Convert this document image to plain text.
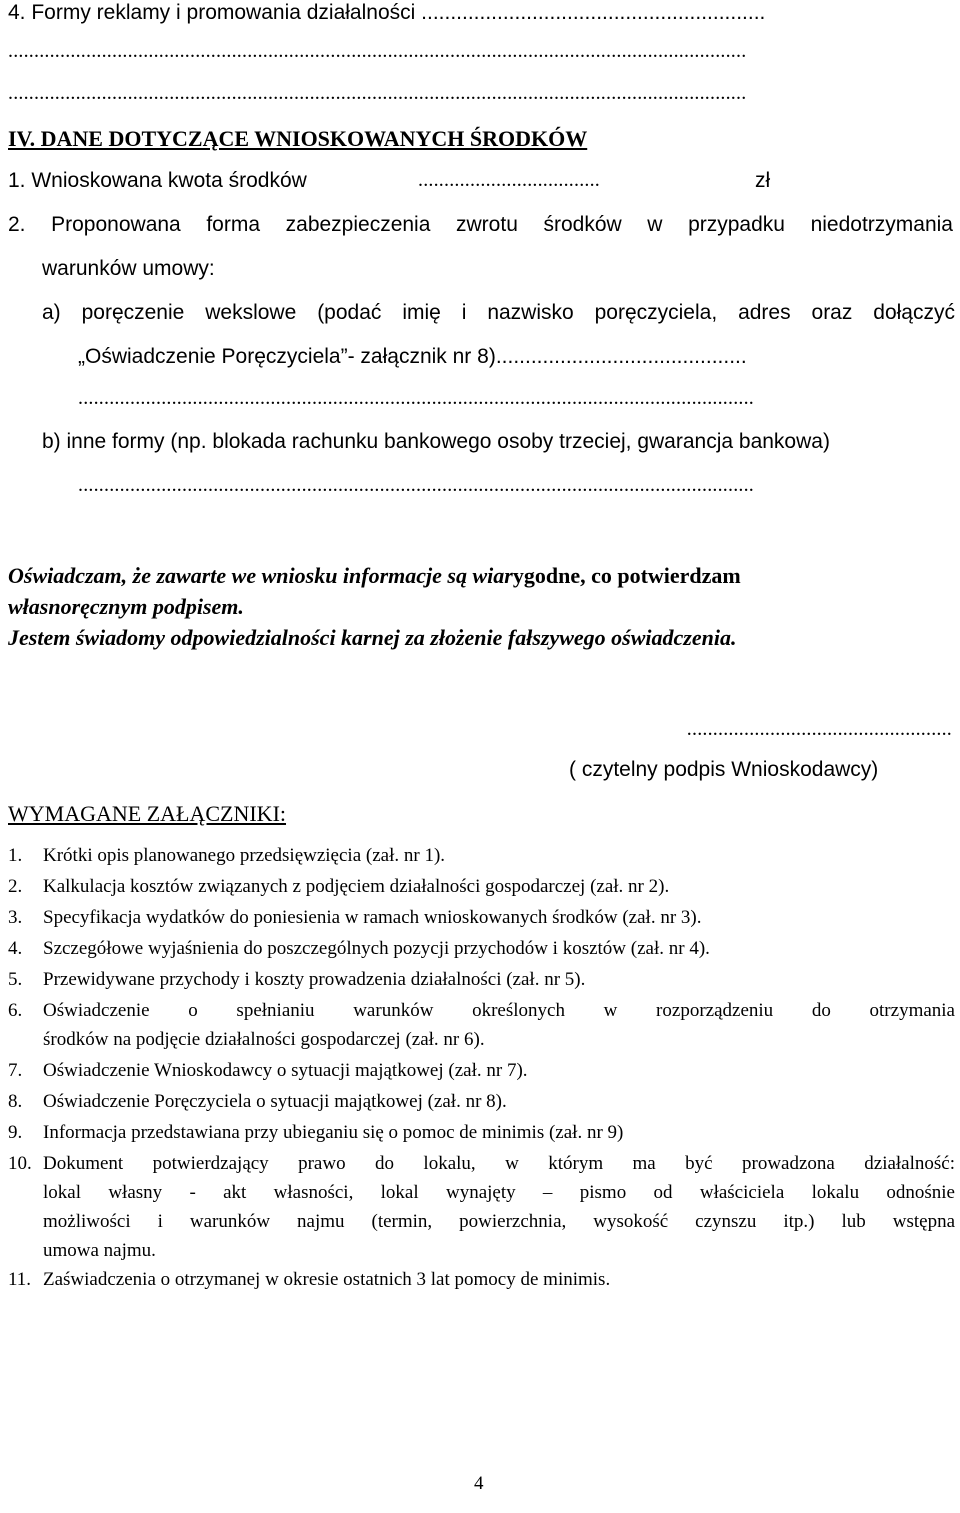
4. Formy reklamy i promowania działalności ...........................................................
..............................................................................................................................................
..............................................................................................................................................
IV. DANE DOTYCZĄCE WNIOSKOWANYCH ŚRODKÓW
1. Wnioskowana kwota środków	...................................	zł
2. Proponowana forma zabezpieczenia zwrotu środków w przypadku niedotrzymania
warunków umowy:
a) poręczenie wekslowe (podać imię i nazwisko poręczyciela, adres oraz dołączyć
„Oświadczenie Poręczyciela”- załącznik nr 8)...........................................
..................................................................................................................................
b) inne formy (np. blokada rachunku bankowego osoby trzeciej, gwarancja bankowa)
..................................................................................................................................
Oświadczam, że zawarte we wniosku informacje są wiarygodne, co potwierdzam
własnoręcznym podpisem.
Jestem świadomy odpowiedzialności karnej za złożenie fałszywego oświadczenia.
...................................................
( czytelny podpis Wnioskodawcy)
WYMAGANE ZAŁĄCZNIKI:
1. Krótki opis planowanego przedsięwzięcia (zał. nr 1).
2. Kalkulacja kosztów związanych z podjęciem działalności gospodarczej (zał. nr 2).
3. Specyfikacja wydatków do poniesienia w ramach wnioskowanych środków (zał. nr 3).
4. Szczegółowe wyjaśnienia do poszczególnych pozycji przychodów i kosztów (zał. nr 4).
5. Przewidywane przychody i koszty prowadzenia działalności (zał. nr 5).
6. Oświadczenie o spełnianiu warunków określonych w rozporządzeniu do otrzymania
środków na podjęcie działalności gospodarczej (zał. nr 6).
7. Oświadczenie Wnioskodawcy o sytuacji majątkowej (zał. nr 7).
8. Oświadczenie Poręczyciela o sytuacji majątkowej (zał. nr 8).
9. Informacja przedstawiana przy ubieganiu się o pomoc de minimis (zał. nr 9)
10. Dokument potwierdzający prawo do lokalu, w którym ma być prowadzona działalność:
lokal własny - akt własności, lokal wynajęty – pismo od właściciela lokalu odnośnie
możliwości i warunków najmu (termin, powierzchnia, wysokość czynszu itp.) lub wstępna
umowa najmu.
11. Zaświadczenia o otrzymanej w okresie ostatnich 3 lat pomocy de minimis.
4
